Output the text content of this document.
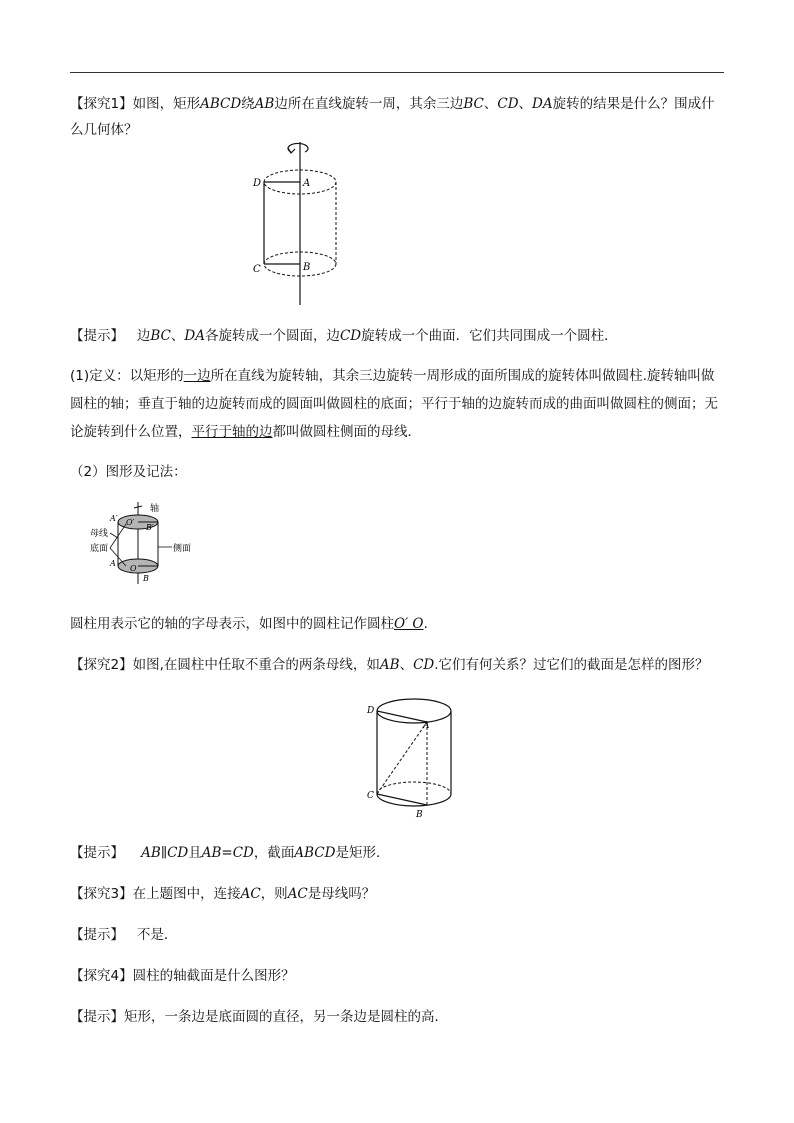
【探究1】如图，矩形ABCD绕AB边所在直线旋转一周，其余三边BC、CD、DA旋转的结果是什么？围成什么几何体？

D	A
C	B

【提示】 边BC、DA各旋转成一个圆面，边CD旋转成一个曲面．它们共同围成一个圆柱．

(1)定义：以矩形的一边所在直线为旋转轴，其余三边旋转一周形成的面所围成的旋转体叫做圆柱.旋转轴叫做圆柱的轴；垂直于轴的边旋转而成的圆面叫做圆柱的底面；平行于轴的边旋转而成的曲面叫做圆柱的侧面；无论旋转到什么位置，平行于轴的边都叫做圆柱侧面的母线．

（2）图形及记法：

轴
母线
底面	侧面
O′
B′
A′
O
A
B

圆柱用表示它的轴的字母表示，如图中的圆柱记作圆柱O′ O.

【探究2】如图,在圆柱中任取不重合的两条母线，如AB、CD.它们有何关系？过它们的截面是怎样的图形？

D
A
C
B

【提示】 AB∥CD且AB=CD，截面ABCD是矩形．

【探究3】在上题图中，连接AC，则AC是母线吗？

【提示】 不是．

【探究4】圆柱的轴截面是什么图形？

【提示】矩形，一条边是底面圆的直径，另一条边是圆柱的高．
